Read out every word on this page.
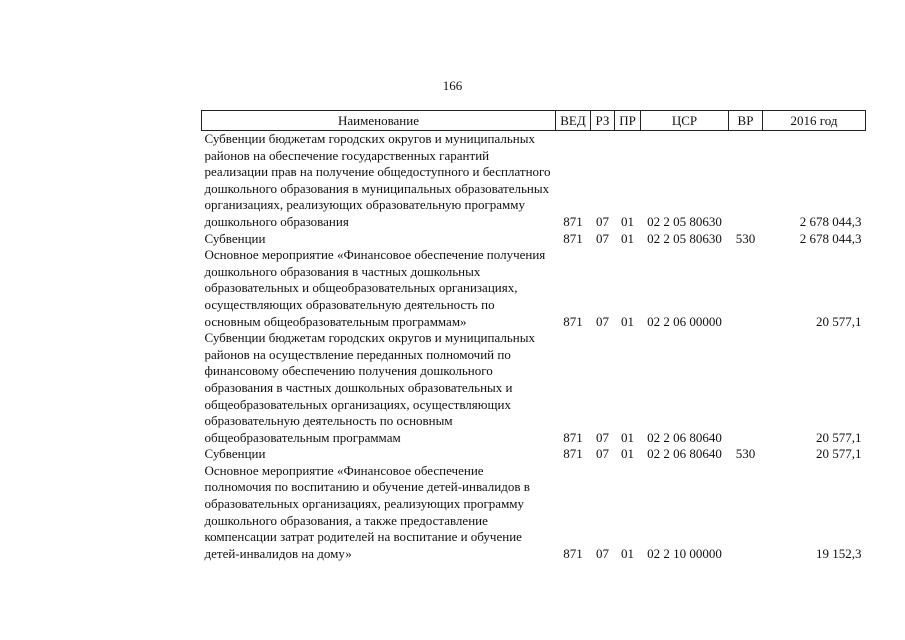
166
Наименование	ВЕД	РЗ	ПР	ЦСР	ВР	2016 год
Субвенции бюджетам городских округов и муниципальных районов на обеспечение государственных гарантий реализации прав на получение общедоступного и бесплатного дошкольного образования в муниципальных образовательных организациях, реализующих образовательную программу дошкольного образования	871	07	01	02 2 05 80630		2 678 044,3
Субвенции	871	07	01	02 2 05 80630	530	2 678 044,3
Основное мероприятие «Финансовое обеспечение получения дошкольного образования в частных дошкольных образовательных и общеобразовательных организациях, осуществляющих образовательную деятельность по основным общеобразовательным программам»	871	07	01	02 2 06 00000		20 577,1
Субвенции бюджетам городских округов и муниципальных районов на осуществление переданных полномочий по финансовому обеспечению получения дошкольного образования в частных дошкольных образовательных и общеобразовательных организациях, осуществляющих образовательную деятельность по основным общеобразовательным программам	871	07	01	02 2 06 80640		20 577,1
Субвенции	871	07	01	02 2 06 80640	530	20 577,1
Основное мероприятие «Финансовое обеспечение полномочия по воспитанию и обучение детей-инвалидов в образовательных организациях, реализующих программу дошкольного образования, а также предоставление компенсации затрат родителей на воспитание и обучение детей-инвалидов на дому»	871	07	01	02 2 10 00000		19 152,3
